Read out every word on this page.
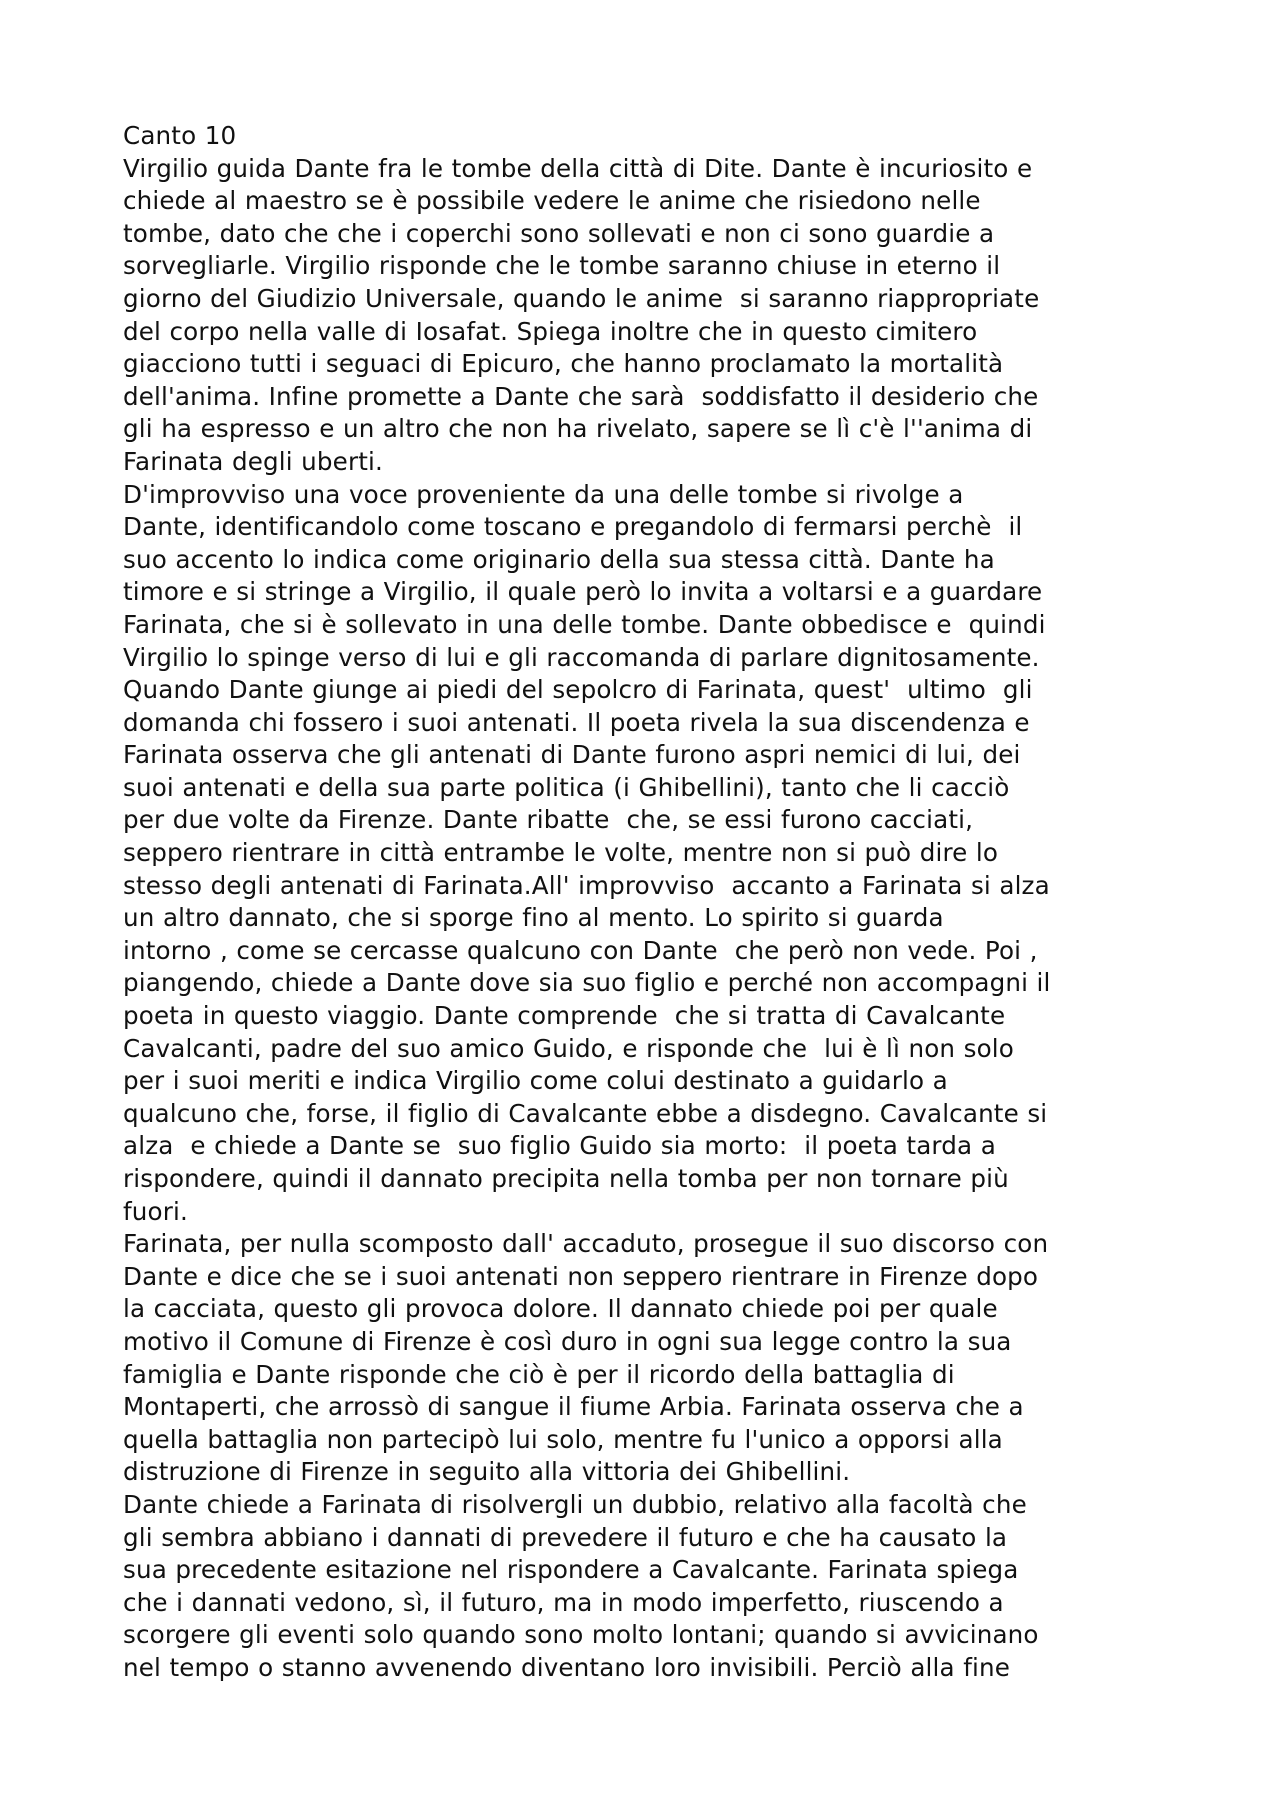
Canto 10
Virgilio guida Dante fra le tombe della città di Dite. Dante è incuriosito e
chiede al maestro se è possibile vedere le anime che risiedono nelle
tombe, dato che che i coperchi sono sollevati e non ci sono guardie a
sorvegliarle. Virgilio risponde che le tombe saranno chiuse in eterno il
giorno del Giudizio Universale, quando le anime  si saranno riappropriate
del corpo nella valle di Iosafat. Spiega inoltre che in questo cimitero
giacciono tutti i seguaci di Epicuro, che hanno proclamato la mortalità
dell'anima. Infine promette a Dante che sarà  soddisfatto il desiderio che
gli ha espresso e un altro che non ha rivelato, sapere se lì c'è l''anima di
Farinata degli uberti.
D'improvviso una voce proveniente da una delle tombe si rivolge a
Dante, identificandolo come toscano e pregandolo di fermarsi perchè  il
suo accento lo indica come originario della sua stessa città. Dante ha
timore e si stringe a Virgilio, il quale però lo invita a voltarsi e a guardare
Farinata, che si è sollevato in una delle tombe. Dante obbedisce e  quindi
Virgilio lo spinge verso di lui e gli raccomanda di parlare dignitosamente.
Quando Dante giunge ai piedi del sepolcro di Farinata, quest'  ultimo  gli
domanda chi fossero i suoi antenati. Il poeta rivela la sua discendenza e
Farinata osserva che gli antenati di Dante furono aspri nemici di lui, dei
suoi antenati e della sua parte politica (i Ghibellini), tanto che li cacciò
per due volte da Firenze. Dante ribatte  che, se essi furono cacciati,
seppero rientrare in città entrambe le volte, mentre non si può dire lo
stesso degli antenati di Farinata.All' improvviso  accanto a Farinata si alza
un altro dannato, che si sporge fino al mento. Lo spirito si guarda
intorno , come se cercasse qualcuno con Dante  che però non vede. Poi ,
piangendo, chiede a Dante dove sia suo figlio e perché non accompagni il
poeta in questo viaggio. Dante comprende  che si tratta di Cavalcante
Cavalcanti, padre del suo amico Guido, e risponde che  lui è lì non solo
per i suoi meriti e indica Virgilio come colui destinato a guidarlo a
qualcuno che, forse, il figlio di Cavalcante ebbe a disdegno. Cavalcante si
alza  e chiede a Dante se  suo figlio Guido sia morto:  il poeta tarda a
rispondere, quindi il dannato precipita nella tomba per non tornare più
fuori.
Farinata, per nulla scomposto dall' accaduto, prosegue il suo discorso con
Dante e dice che se i suoi antenati non seppero rientrare in Firenze dopo
la cacciata, questo gli provoca dolore. Il dannato chiede poi per quale
motivo il Comune di Firenze è così duro in ogni sua legge contro la sua
famiglia e Dante risponde che ciò è per il ricordo della battaglia di
Montaperti, che arrossò di sangue il fiume Arbia. Farinata osserva che a
quella battaglia non partecipò lui solo, mentre fu l'unico a opporsi alla
distruzione di Firenze in seguito alla vittoria dei Ghibellini.
Dante chiede a Farinata di risolvergli un dubbio, relativo alla facoltà che
gli sembra abbiano i dannati di prevedere il futuro e che ha causato la
sua precedente esitazione nel rispondere a Cavalcante. Farinata spiega
che i dannati vedono, sì, il futuro, ma in modo imperfetto, riuscendo a
scorgere gli eventi solo quando sono molto lontani; quando si avvicinano
nel tempo o stanno avvenendo diventano loro invisibili. Perciò alla fine
